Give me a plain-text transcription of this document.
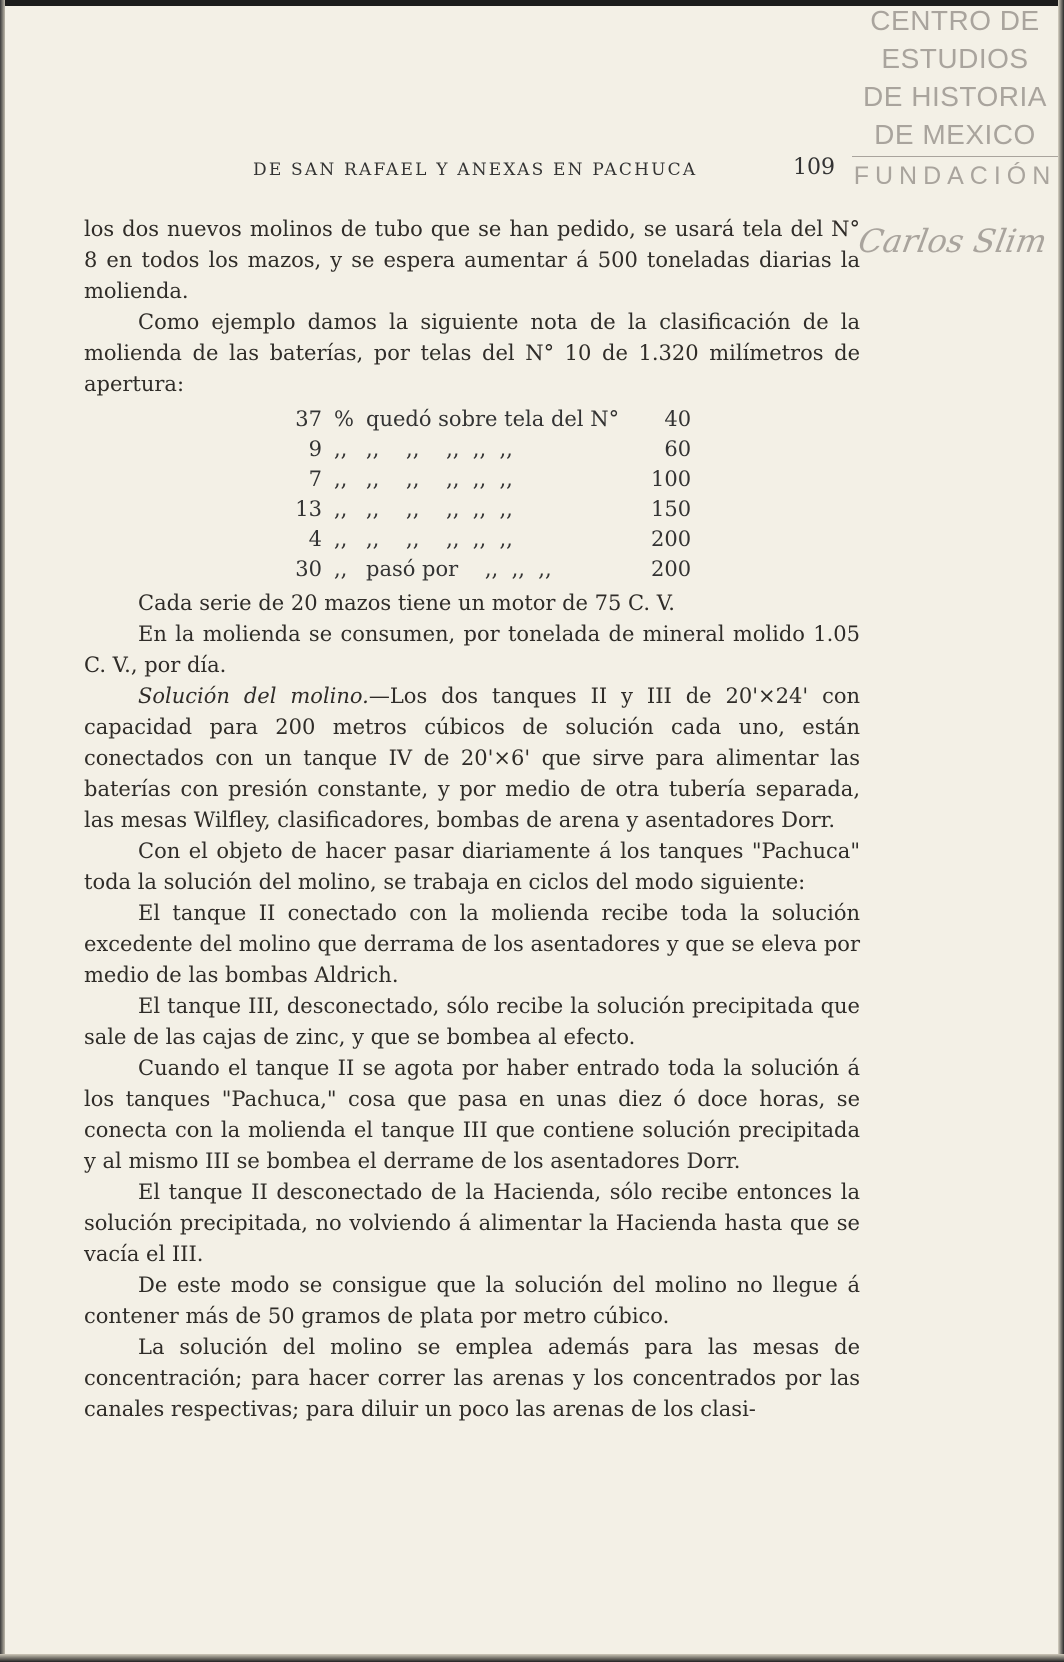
CENTRO DE
ESTUDIOS
DE HISTORIA
DE MEXICO
FUNDACIÓN
Carlos Slim
DE SAN RAFAEL Y ANEXAS EN PACHUCA	109

los dos nuevos molinos de tubo que se han pedido, se usará tela del N° 8 en todos los mazos, y se espera aumentar á 500 toneladas diarias la molienda.

Como ejemplo damos la siguiente nota de la clasificación de la molienda de las baterías, por telas del N° 10 de 1.320 milímetros de apertura:

37	%	quedó sobre tela del N°	40
9	,,	,,    ,,    ,,  ,,  ,,	60
7	,,	,,    ,,    ,,  ,,  ,,	100
13	,,	,,    ,,    ,,  ,,  ,,	150
4	,,	,,    ,,    ,,  ,,  ,,	200
30	,,	pasó por    ,,  ,,  ,,	200

Cada serie de 20 mazos tiene un motor de 75 C. V.

En la molienda se consumen, por tonelada de mineral molido 1.05 C. V., por día.

Solución del molino.—Los dos tanques II y III de 20'×24' con capacidad para 200 metros cúbicos de solución cada uno, están conectados con un tanque IV de 20'×6' que sirve para alimentar las baterías con presión constante, y por medio de otra tubería separada, las mesas Wilfley, clasificadores, bombas de arena y asentadores Dorr.

Con el objeto de hacer pasar diariamente á los tanques "Pachuca" toda la solución del molino, se trabaja en ciclos del modo siguiente:

El tanque II conectado con la molienda recibe toda la solución excedente del molino que derrama de los asentadores y que se eleva por medio de las bombas Aldrich.

El tanque III, desconectado, sólo recibe la solución precipitada que sale de las cajas de zinc, y que se bombea al efecto.

Cuando el tanque II se agota por haber entrado toda la solución á los tanques "Pachuca," cosa que pasa en unas diez ó doce horas, se conecta con la molienda el tanque III que contiene solución precipitada y al mismo III se bombea el derrame de los asentadores Dorr.

El tanque II desconectado de la Hacienda, sólo recibe entonces la solución precipitada, no volviendo á alimentar la Hacienda hasta que se vacía el III.

De este modo se consigue que la solución del molino no llegue á contener más de 50 gramos de plata por metro cúbico.

La solución del molino se emplea además para las mesas de concentración; para hacer correr las arenas y los concentrados por las canales respectivas; para diluir un poco las arenas de los clasi-
